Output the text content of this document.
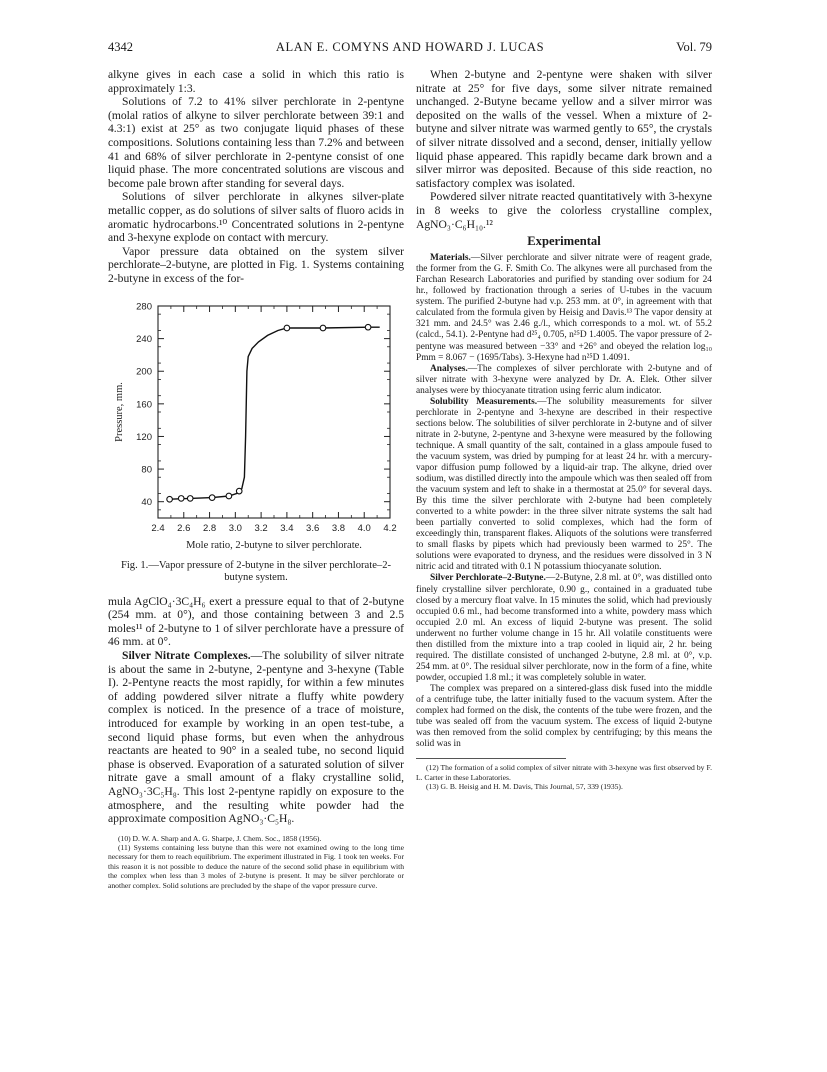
4342	ALAN E. COMYNS AND HOWARD J. LUCAS	Vol. 79

alkyne gives in each case a solid in which this ratio is approximately 1:3.

Solutions of 7.2 to 41% silver perchlorate in 2-pentyne (molal ratios of alkyne to silver perchlorate between 39:1 and 4.3:1) exist at 25° as two conjugate liquid phases of these compositions. Solutions containing less than 7.2% and between 41 and 68% of silver perchlorate in 2-pentyne consist of one liquid phase. The more concentrated solutions are viscous and become pale brown after standing for several days.

Solutions of silver perchlorate in alkynes silver-plate metallic copper, as do solutions of silver salts of fluoro acids in aromatic hydrocarbons.¹⁰ Concentrated solutions in 2-pentyne and 3-hexyne explode on contact with mercury.

Vapor pressure data obtained on the system silver perchlorate–2-butyne, are plotted in Fig. 1. Systems containing 2-butyne in excess of the for-

2.4 2.6 2.8 3.0 3.2 3.4 3.6 3.8 4.0 4.2
40
80
120
160
200
240
280
Mole ratio, 2-butyne to silver perchlorate.
Pressure, mm.

Fig. 1.—Vapor pressure of 2-butyne in the silver perchlorate–2-butyne system.

mula AgClO₄·3C₄H₆ exert a pressure equal to that of 2-butyne (254 mm. at 0°), and those containing between 3 and 2.5 moles¹¹ of 2-butyne to 1 of silver perchlorate have a pressure of 46 mm. at 0°.

Silver Nitrate Complexes.—The solubility of silver nitrate is about the same in 2-butyne, 2-pentyne and 3-hexyne (Table I). 2-Pentyne reacts the most rapidly, for within a few minutes of adding powdered silver nitrate a fluffy white powdery complex is noticed. In the presence of a trace of moisture, introduced for example by working in an open test-tube, a second liquid phase forms, but even when the anhydrous reactants are heated to 90° in a sealed tube, no second liquid phase is observed. Evaporation of a saturated solution of silver nitrate gave a small amount of a flaky crystalline solid, AgNO₃·3C₅H₈. This lost 2-pentyne rapidly on exposure to the atmosphere, and the resulting white powder had the approximate composition AgNO₃·C₅H₈.

(10) D. W. A. Sharp and A. G. Sharpe, J. Chem. Soc., 1858 (1956).

(11) Systems containing less butyne than this were not examined owing to the long time necessary for them to reach equilibrium. The experiment illustrated in Fig. 1 took ten weeks. For this reason it is not possible to deduce the nature of the second solid phase in equilibrium with the complex when less than 3 moles of 2-butyne is present. It may be silver perchlorate or another complex. Solid solutions are precluded by the shape of the vapor pressure curve.

When 2-butyne and 2-pentyne were shaken with silver nitrate at 25° for five days, some silver nitrate remained unchanged. 2-Butyne became yellow and a silver mirror was deposited on the walls of the vessel. When a mixture of 2-butyne and silver nitrate was warmed gently to 65°, the crystals of silver nitrate dissolved and a second, denser, initially yellow liquid phase appeared. This rapidly became dark brown and a silver mirror was deposited. Because of this side reaction, no satisfactory complex was isolated.

Powdered silver nitrate reacted quantitatively with 3-hexyne in 8 weeks to give the colorless crystalline complex, AgNO₃·C₆H₁₀.¹²

Experimental

Materials.—Silver perchlorate and silver nitrate were of reagent grade, the former from the G. F. Smith Co. The alkynes were all purchased from the Farchan Research Laboratories and purified by standing over sodium for 24 hr., followed by fractionation through a series of U-tubes in the vacuum system. The purified 2-butyne had v.p. 253 mm. at 0°, in agreement with that calculated from the formula given by Heisig and Davis.¹³ The vapor density at 321 mm. and 24.5° was 2.46 g./l., which corresponds to a mol. wt. of 55.2 (calcd., 54.1). 2-Pentyne had d²⁵₄ 0.705, n²⁵D 1.4005. The vapor pressure of 2-pentyne was measured between −33° and +26° and obeyed the relation log₁₀ Pmm = 8.067 − (1695/Tabs). 3-Hexyne had n²⁵D 1.4091.

Analyses.—The complexes of silver perchlorate with 2-butyne and of silver nitrate with 3-hexyne were analyzed by Dr. A. Elek. Other silver analyses were by thiocyanate titration using ferric alum indicator.

Solubility Measurements.—The solubility measurements for silver perchlorate in 2-pentyne and 3-hexyne are described in their respective sections below. The solubilities of silver perchlorate in 2-butyne and of silver nitrate in 2-butyne, 2-pentyne and 3-hexyne were measured by the following technique. A small quantity of the salt, contained in a glass ampoule fused to the vacuum system, was dried by pumping for at least 24 hr. with a mercury-vapor diffusion pump followed by a liquid-air trap. The alkyne, dried over sodium, was distilled directly into the ampoule which was then sealed off from the vacuum system and left to shake in a thermostat at 25.0° for several days. By this time the silver perchlorate with 2-butyne had been completely converted to a white powder: in the three silver nitrate systems the salt had been partially converted to solid complexes, which had the form of exceedingly thin, transparent flakes. Aliquots of the solutions were transferred to small flasks by pipets which had previously been warmed to 25°. The solutions were evaporated to dryness, and the residues were dissolved in 3 N nitric acid and titrated with 0.1 N potassium thiocyanate solution.

Silver Perchlorate–2-Butyne.—2-Butyne, 2.8 ml. at 0°, was distilled onto finely crystalline silver perchlorate, 0.90 g., contained in a graduated tube closed by a mercury float valve. In 15 minutes the solid, which had previously occupied 0.6 ml., had become transformed into a white, powdery mass which occupied 2.0 ml. An excess of liquid 2-butyne was present. The solid underwent no further volume change in 15 hr. All volatile constituents were then distilled from the mixture into a trap cooled in liquid air, 2 hr. being required. The distillate consisted of unchanged 2-butyne, 2.8 ml. at 0°, v.p. 254 mm. at 0°. The residual silver perchlorate, now in the form of a fine, white powder, occupied 1.8 ml.; it was completely soluble in water.

The complex was prepared on a sintered-glass disk fused into the middle of a centrifuge tube, the latter initially fused to the vacuum system. After the complex had formed on the disk, the contents of the tube were frozen, and the tube was sealed off from the vacuum system. The excess of liquid 2-butyne was then removed from the solid complex by centrifuging; by this means the solid was in

(12) The formation of a solid complex of silver nitrate with 3-hexyne was first observed by F. L. Carter in these Laboratories.

(13) G. B. Heisig and H. M. Davis, This Journal, 57, 339 (1935).
